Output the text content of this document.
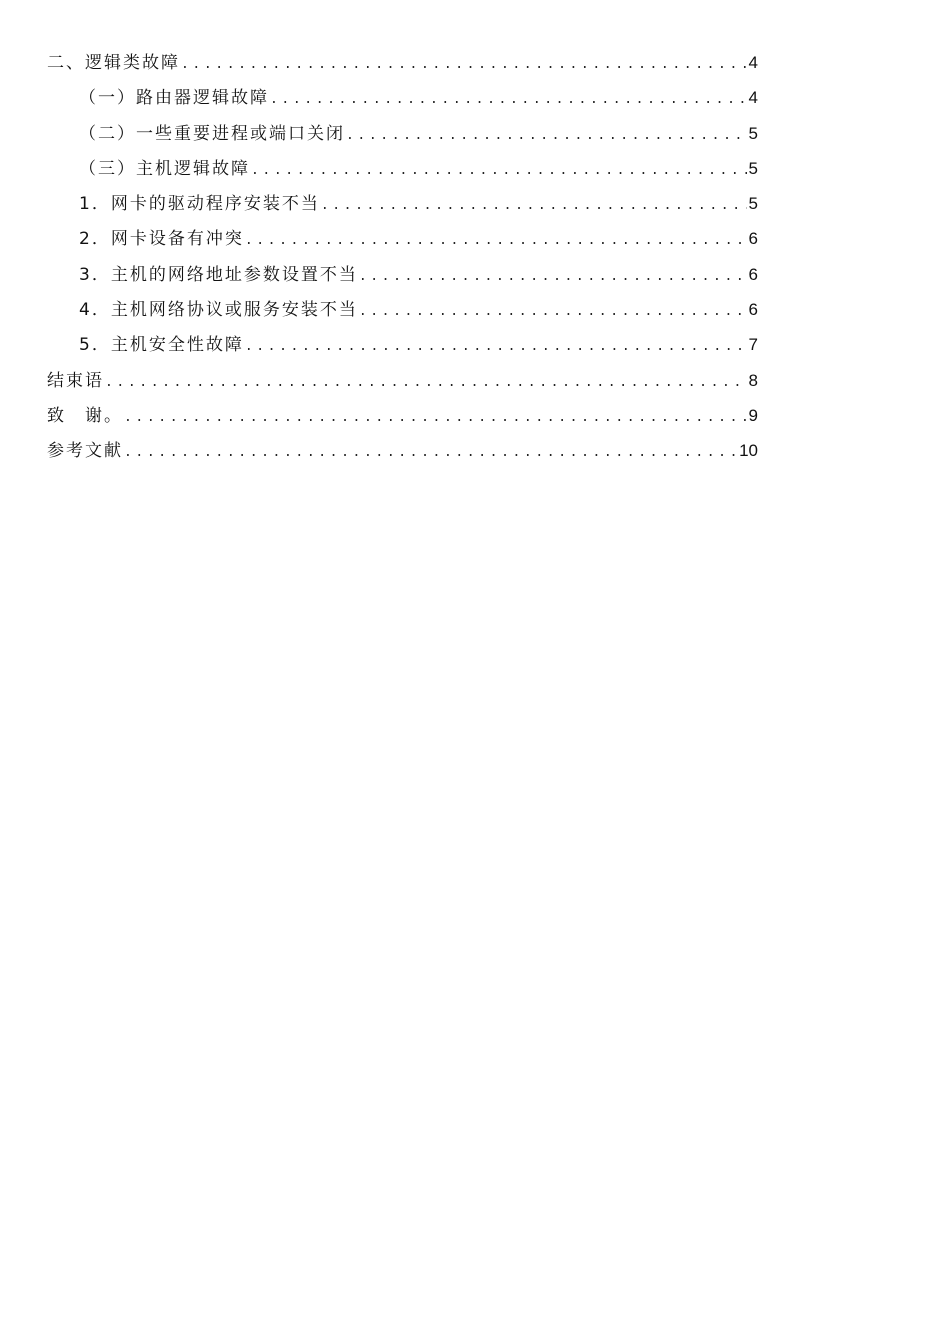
二、逻辑类故障 .....	4
（一）路由器逻辑故障 .....	4
（二）一些重要进程或端口关闭 .....	5
（三）主机逻辑故障 .....	5
1．网卡的驱动程序安装不当 .....	5
2．网卡设备有冲突 .....	6
3．主机的网络地址参数设置不当 .....	6
4．主机网络协议或服务安装不当 .....	6
5．主机安全性故障 .....	7
结束语 .....	8
致　谢。 .....	9
参考文献 .....	10
